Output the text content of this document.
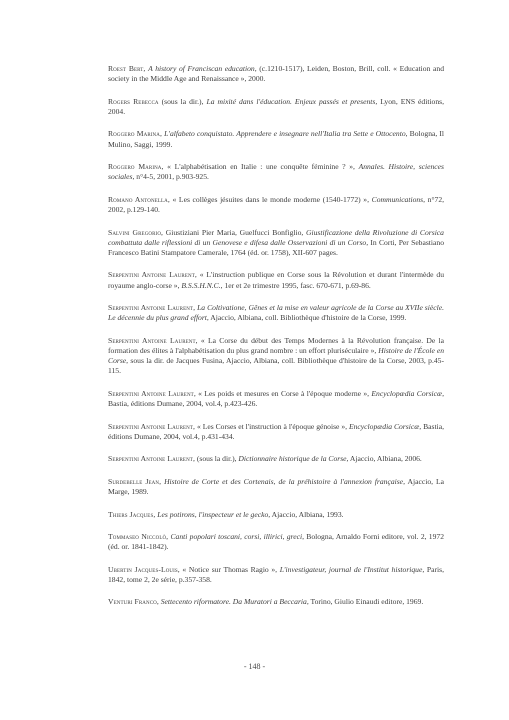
Roest Bert, A history of Franciscan education, (c.1210-1517), Leiden, Boston, Brill, coll. « Education and society in the Middle Age and Renaissance », 2000.

Rogers Rebecca (sous la dir.), La mixité dans l'éducation. Enjeux passés et presents, Lyon, ENS éditions, 2004.

Roggero Marina, L'alfabeto conquistato. Apprendere e insegnare nell'Italia tra Sette e Ottocento, Bologna, Il Mulino, Saggi, 1999.

Roggero Marina, « L'alphabétisation en Italie : une conquête féminine ? », Annales. Histoire, sciences sociales, n°4-5, 2001, p.903-925.

Romano Antonella, « Les collèges jésuites dans le monde moderne (1540-1772) », Communications, n°72, 2002, p.129-140.

Salvini Gregorio, Giustiziani Pier Maria, Guelfucci Bonfiglio, Giustificazione della Rivoluzione di Corsica combattuta dalle riflessioni di un Genovese e difesa dalle Osservazioni di un Corso, In Corti, Per Sebastiano Francesco Batini Stampatore Camerale, 1764 (éd. or. 1758), XII-607 pages.

Serpentini Antoine Laurent, « L'instruction publique en Corse sous la Révolution et durant l'intermède du royaume anglo-corse », B.S.S.H.N.C., 1er et 2e trimestre 1995, fasc. 670-671, p.69-86.

Serpentini Antoine Laurent, La Coltivatione, Gênes et la mise en valeur agricole de la Corse au XVIIe siècle. Le décennie du plus grand effort, Ajaccio, Albiana, coll. Bibliothèque d'histoire de la Corse, 1999.

Serpentini Antoine Laurent, « La Corse du début des Temps Modernes à la Révolution française. De la formation des élites à l'alphabétisation du plus grand nombre : un effort pluriséculaire », Histoire de l'École en Corse, sous la dir. de Jacques Fusina, Ajaccio, Albiana, coll. Bibliothèque d'histoire de la Corse, 2003, p.45-115.

Serpentini Antoine Laurent, « Les poids et mesures en Corse à l'époque moderne », Encyclopædia Corsicæ, Bastia, éditions Dumane, 2004, vol.4, p.423-426.

Serpentini Antoine Laurent, « Les Corses et l'instruction à l'époque génoise », Encyclopædia Corsicæ, Bastia, éditions Dumane, 2004, vol.4, p.431-434.

Serpentini Antoine Laurent, (sous la dir.), Dictionnaire historique de la Corse, Ajaccio, Albiana, 2006.

Surdebelle Jean, Histoire de Corte et des Cortenais, de la préhistoire à l'annexion française, Ajaccio, La Marge, 1989.

Thiers Jacques, Les potirons, l'inspecteur et le gecko, Ajaccio, Albiana, 1993.

Tommaseo Niccolò, Canti popolari toscani, corsi, illirici, greci, Bologna, Arnaldo Forni editore, vol. 2, 1972 (éd. or. 1841-1842).

Ubertin Jacques-Louis, « Notice sur Thomas Ragio », L'investigateur, journal de l'Institut historique, Paris, 1842, tome 2, 2e série, p.357-358.

Venturi Franco, Settecento riformatore. Da Muratori a Beccaria, Torino, Giulio Einaudi editore, 1969.

- 148 -
